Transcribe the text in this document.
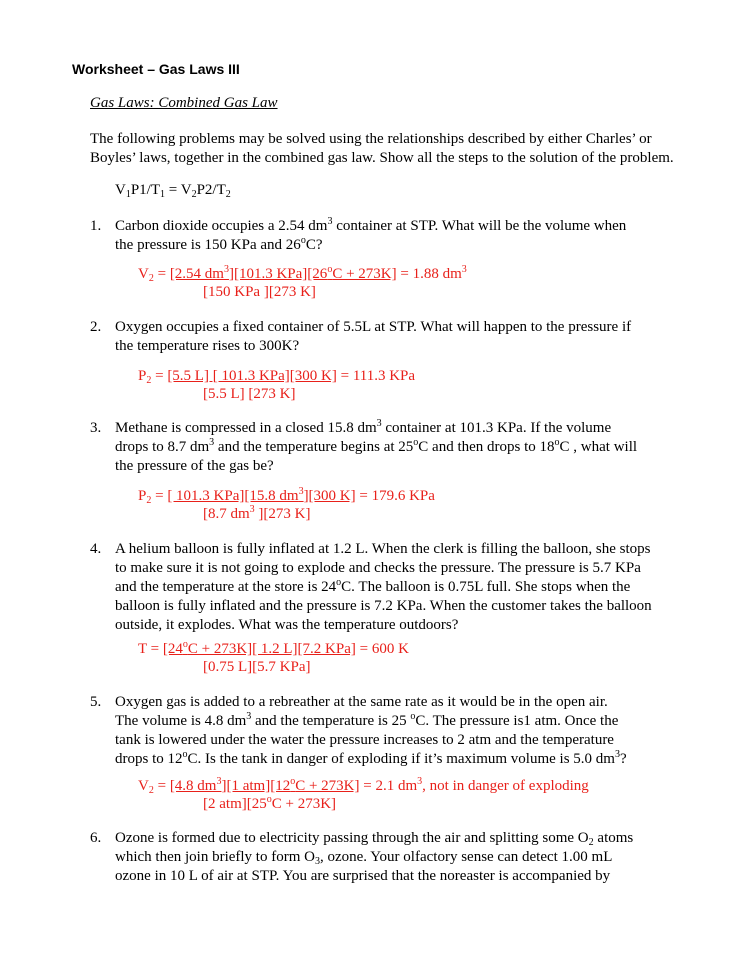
Worksheet – Gas Laws III

Gas Laws: Combined Gas Law

The following problems may be solved using the relationships described by either Charles’ or
Boyles’ laws, together in the combined gas law. Show all the steps to the solution of the problem.

$V_1P1/T_1 = V_2P2/T_2$

1. Carbon dioxide occupies a 2.54 $dm^3$ container at STP. What will be the volume when
the pressure is 150 KPa and 26$^o$C?
$V_2 = [2.54$ $dm^3][101.3$ $KPa][26^oC + 273K] = 1.88$ $dm^3$
[150 KPa ][273 K]
2. Oxygen occupies a fixed container of 5.5L at STP. What will happen to the pressure if
the temperature rises to 300K?
$P_2 = [5.5$ L] [ 101.3 KPa][300 K] = 111.3 KPa
[5.5 L] [273 K]
3. Methane is compressed in a closed 15.8 $dm^3$ container at 101.3 KPa. If the volume
drops to 8.7 $dm^3$ and the temperature begins at 25$^o$C and then drops to 18$^o$C , what will
the pressure of the gas be?
$P_2$ = [ 101.3 KPa][15.8 $dm^3][300$ K] = 179.6 KPa
[8.7 $dm^3$ ][273 K]
4. A helium balloon is fully inflated at 1.2 L. When the clerk is filling the balloon, she stops
to make sure it is not going to explode and checks the pressure. The pressure is 5.7 KPa
and the temperature at the store is 24$^o$C. The balloon is 0.75L full. She stops when the
balloon is fully inflated and the pressure is 7.2 KPa. When the customer takes the balloon
outside, it explodes. What was the temperature outdoors?
$T = [24^oC + 273K]$[ 1.2 L][7.2 KPa] = 600 K
[0.75 L][5.7 KPa]
5. Oxygen gas is added to a rebreather at the same rate as it would be in the open air.
The volume is 4.8 $dm^3$ and the temperature is 25 $^o$C. The pressure is1 atm. Once the
tank is lowered under the water the pressure increases to 2 atm and the temperature
drops to 12$^o$C. Is the tank in danger of exploding if it’s maximum volume is 5.0 $dm^3$?
$V_2 = [4.8$ $dm^3][1$ $atm][12^oC + 273K] = 2.1$ $dm^3$, not in danger of exploding
[2 $atm][25^oC + 273K]$
6. Ozone is formed due to electricity passing through the air and splitting some $O_2$ atoms
which then join briefly to form $O_3$, ozone. Your olfactory sense can detect 1.00 mL
ozone in 10 L of air at STP. You are surprised that the noreaster is accompanied by
